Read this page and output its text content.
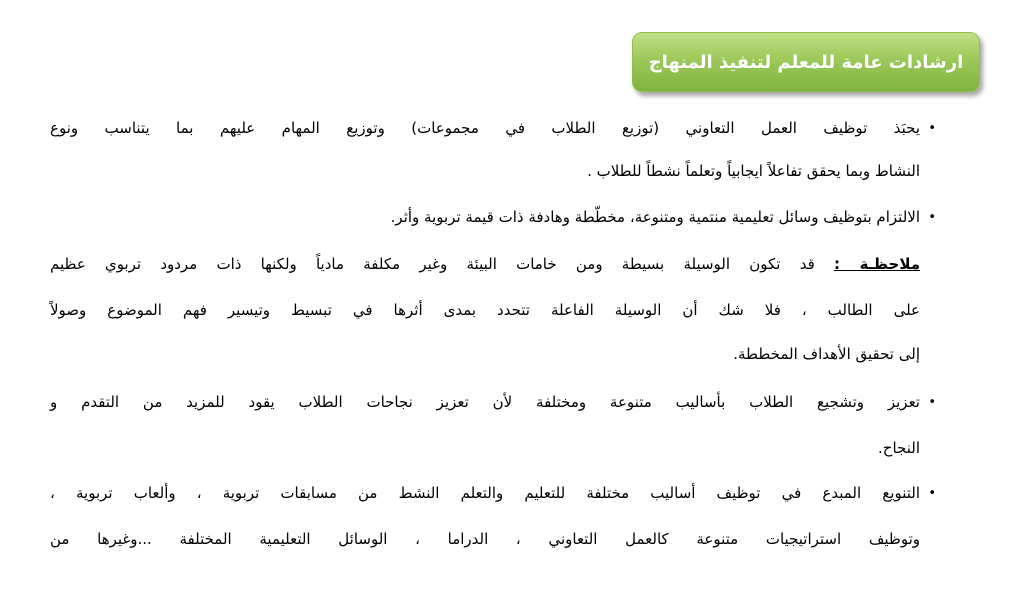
ارشادات عامة للمعلم لتنفيذ المنهاج
•
يحبَذ توظيف العمل التعاوني (توزيع الطلاب في مجموعات) وتوزيع المهام عليهم بما يتناسب ونوع
النشاط وبما يحقق تفاعلاً ايجابياً وتعلماً نشطاً للطلاب .
•
الالتزام بتوظيف وسائل تعليمية منتمية ومتنوعة، مخطّطة وهادفة ذات قيمة تربوية وأثر.
ملاحظـة : قد تكون الوسيلة بسيطة ومن خامات البيئة وغير مكلفة مادياً ولكنها ذات مردود تربوي عظيم
على الطالب ، فلا شك أن الوسيلة الفاعلة تتحدد بمدى أثرها في تبسيط وتيسير فهم الموضوع وصولاً
إلى تحقيق الأهداف المخططة.
•
تعزيز وتشجيع الطلاب بأساليب متنوعة ومختلفة لأن تعزيز نجاحات الطلاب يقود للمزيد من التقدم و
النجاح.
•
التنويع المبدع في توظيف أساليب مختلفة للتعليم والتعلم النشط من مسابقات تربوية ، وألعاب تربوية ،
وتوظيف استراتيجيات متنوعة كالعمل التعاوني ، الدراما ، الوسائل التعليمية المختلفة ...وغيرها من
